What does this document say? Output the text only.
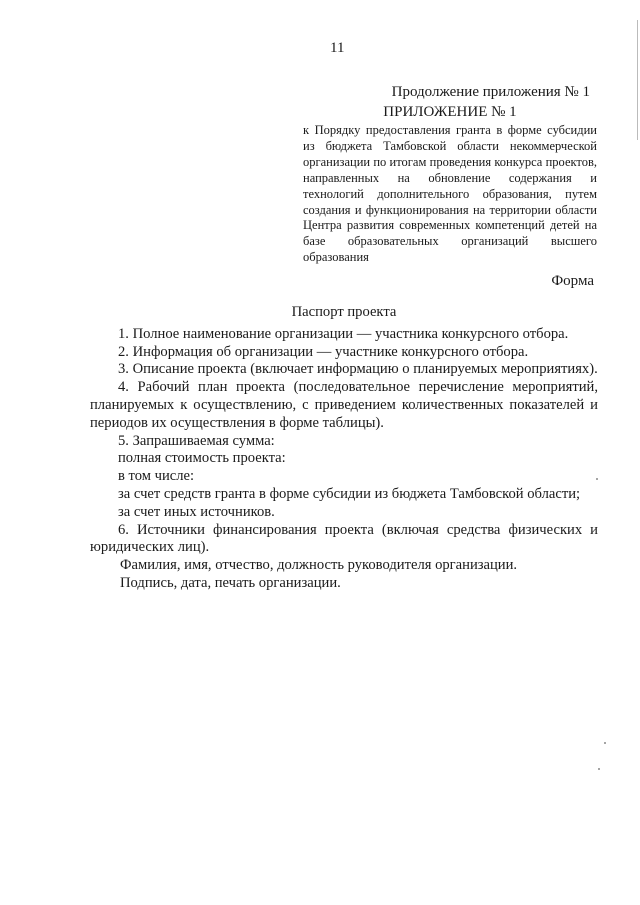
11
Продолжение приложения № 1

ПРИЛОЖЕНИЕ № 1

к Порядку предоставления гранта в форме субсидии из бюджета Тамбовской области некоммерческой организации по итогам проведения конкурса проектов, направленных на обновление содержания и технологий дополнительного образования, путем создания и функционирования на территории области Центра развития современных компетенций детей на базе образовательных организаций высшего образования

Форма

Паспорт проекта

1. Полное наименование организации — участника конкурсного отбора.

2. Информация об организации — участнике конкурсного отбора.

3. Описание проекта (включает информацию о планируемых мероприятиях).

4. Рабочий план проекта (последовательное перечисление мероприятий, планируемых к осуществлению, с приведением количественных показателей и периодов их осуществления в форме таблицы).

5. Запрашиваемая сумма:

полная стоимость проекта:

в том числе:

за счет средств гранта в форме субсидии из бюджета Тамбовской области;

за счет иных источников.

6. Источники финансирования проекта (включая средства физических и юридических лиц).

Фамилия, имя, отчество, должность руководителя организации.

Подпись, дата, печать организации.
